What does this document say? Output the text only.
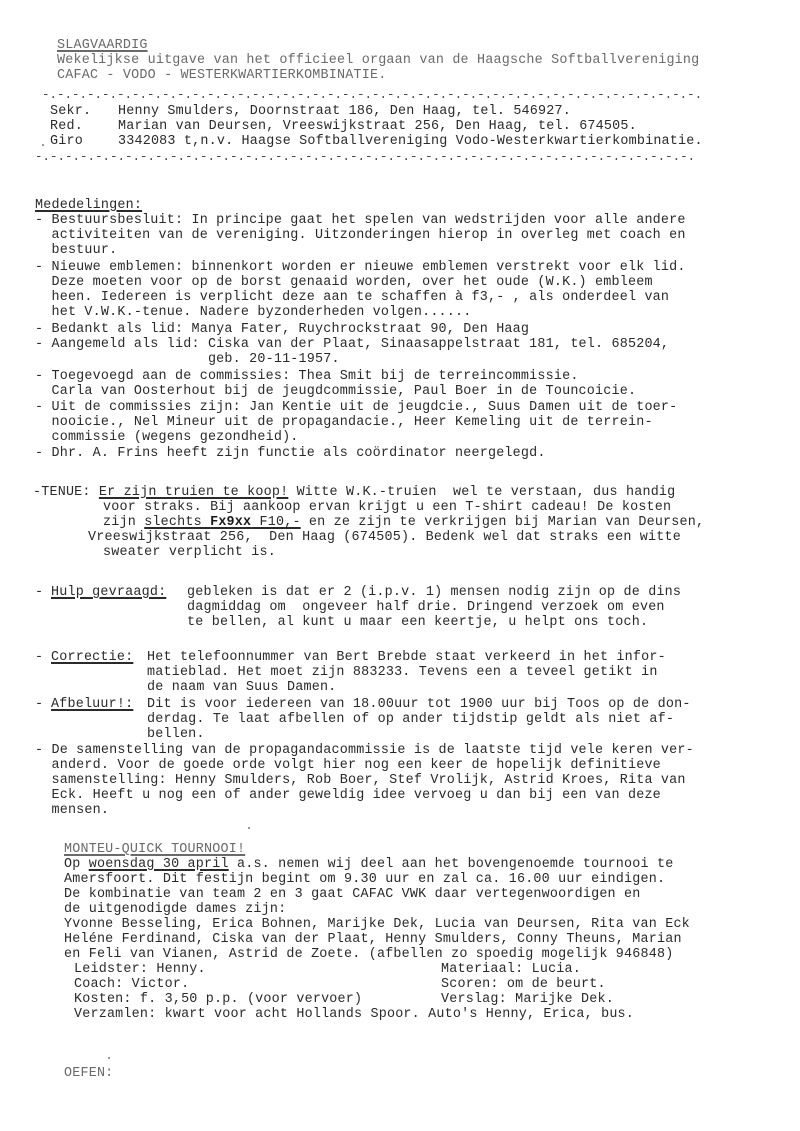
SLAGVAARDIG
Wekelijkse uitgave van het officieel orgaan van de Haagsche Softballvereniging
CAFAC - VODO - WESTERKWARTIERKOMBINATIE.
-.-.-.-.-.-.-.-.-.-.-.-.-.-.-.-.-.-.-.-.-.-.-.-.-.-.-.-.-.-.-.-.-.-.-.-.-.-.-.-.-.-.-.-.
Sekr. Henny Smulders, Doornstraat 186, Den Haag, tel. 546927.
Red.	Marian van Deursen, Vreeswijkstraat 256, Den Haag, tel. 674505.
Giro	3342083 t,n.v. Haagse Softballvereniging Vodo-Westerkwartierkombinatie.
-.-.-.-.-.-.-.-.-.-.-.-.-.-.-.-.-.-.-.-.-.-.-.-.-.-.-.-.-.-.-.-.-.-.-.-.-.-.-.-.-.-.-.-.
Mededelingen:
- Bestuursbesluit: In principe gaat het spelen van wedstrijden voor alle andere
activiteiten van de vereniging. Uitzonderingen hierop in overleg met coach en
bestuur.
- Nieuwe emblemen: binnenkort worden er nieuwe emblemen verstrekt voor elk lid.
Deze moeten voor op de borst genaaid worden, over het oude (W.K.) embleem
heen. Iedereen is verplicht deze aan te schaffen à f3,- , als onderdeel van
het V.W.K.-tenue. Nadere byzonderheden volgen......
- Bedankt als lid: Manya Fater, Ruychrockstraat 90, Den Haag
- Aangemeld als lid: Ciska van der Plaat, Sinaasappelstraat 181, tel. 685204,
geb. 20-11-1957.
- Toegevoegd aan de commissies: Thea Smit bij de terreincommissie.
Carla van Oosterhout bij de jeugdcommissie, Paul Boer in de Touncoicie.
- Uit de commissies zijn: Jan Kentie uit de jeugdcie., Suus Damen uit de toer-
nooicie., Nel Mineur uit de propagandacie., Heer Kemeling uit de terrein-
commissie (wegens gezondheid).
- Dhr. A. Frins heeft zijn functie als coördinator neergelegd.
-TENUE: Er zijn truien te koop! Witte W.K.-truien  wel te verstaan, dus handig
voor straks. Bij aankoop ervan krijgt u een T-shirt cadeau! De kosten
zijn slechts Fx9xx F10,- en ze zijn te verkrijgen bij Marian van Deursen,
Vreeswijkstraat 256,  Den Haag (674505). Bedenk wel dat straks een witte
sweater verplicht is.
- Hulp gevraagd: gebleken is dat er 2 (i.p.v. 1) mensen nodig zijn op de dins
dagmiddag om  ongeveer half drie. Dringend verzoek om even
te bellen, al kunt u maar een keertje, u helpt ons toch.
- Correctie: Het telefoonnummer van Bert Brebde staat verkeerd in het infor-
matieblad. Het moet zijn 883233. Tevens een a teveel getikt in
de naam van Suus Damen.
- Afbeluur!: Dit is voor iedereen van 18.00uur tot 1900 uur bij Toos op de don-
derdag. Te laat afbellen of op ander tijdstip geldt als niet af-
bellen.
- De samenstelling van de propagandacommissie is de laatste tijd vele keren ver-
anderd. Voor de goede orde volgt hier nog een keer de hopelijk definitieve
samenstelling: Henny Smulders, Rob Boer, Stef Vrolijk, Astrid Kroes, Rita van
Eck. Heeft u nog een of ander geweldig idee vervoeg u dan bij een van deze
mensen.
MONTEU-QUICK TOURNOOI!
Op woensdag 30 april a.s. nemen wij deel aan het bovengenoemde tournooi te
Amersfoort. Dit festijn begint om 9.30 uur en zal ca. 16.00 uur eindigen.
De kombinatie van team 2 en 3 gaat CAFAC VWK daar vertegenwoordigen en
de uitgenodigde dames zijn:
Yvonne Besseling, Erica Bohnen, Marijke Dek, Lucia van Deursen, Rita van Eck
Heléne Ferdinand, Ciska van der Plaat, Henny Smulders, Conny Theuns, Marian
en Feli van Vianen, Astrid de Zoete. (afbellen zo spoedig mogelijk 946848)
Leidster: Henny.
Coach: Victor.
Kosten: f. 3,50 p.p. (voor vervoer)
Materiaal: Lucia.
Scoren: om de beurt.
Verslag: Marijke Dek.
Verzamlen: kwart voor acht Hollands Spoor. Auto's Henny, Erica, bus.
OEFEN:
